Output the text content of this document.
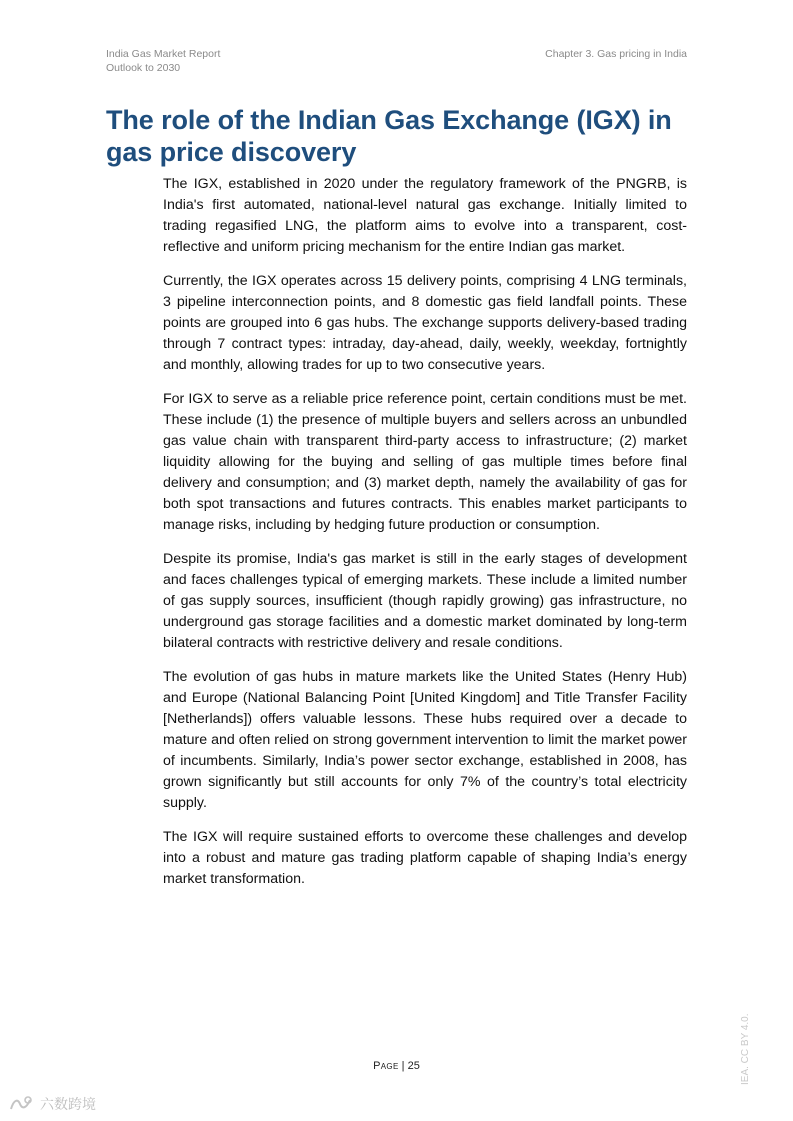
India Gas Market Report
Outlook to 2030
Chapter 3. Gas pricing in India
The role of the Indian Gas Exchange (IGX) in gas price discovery

The IGX, established in 2020 under the regulatory framework of the PNGRB, is India's first automated, national-level natural gas exchange. Initially limited to trading regasified LNG, the platform aims to evolve into a transparent, cost-reflective and uniform pricing mechanism for the entire Indian gas market.

Currently, the IGX operates across 15 delivery points, comprising 4 LNG terminals, 3 pipeline interconnection points, and 8 domestic gas field landfall points. These points are grouped into 6 gas hubs. The exchange supports delivery-based trading through 7 contract types: intraday, day-ahead, daily, weekly, weekday, fortnightly and monthly, allowing trades for up to two consecutive years.

For IGX to serve as a reliable price reference point, certain conditions must be met. These include (1) the presence of multiple buyers and sellers across an unbundled gas value chain with transparent third-party access to infrastructure; (2) market liquidity allowing for the buying and selling of gas multiple times before final delivery and consumption; and (3) market depth, namely the availability of gas for both spot transactions and futures contracts. This enables market participants to manage risks, including by hedging future production or consumption.

Despite its promise, India's gas market is still in the early stages of development and faces challenges typical of emerging markets. These include a limited number of gas supply sources, insufficient (though rapidly growing) gas infrastructure, no underground gas storage facilities and a domestic market dominated by long-term bilateral contracts with restrictive delivery and resale conditions.

The evolution of gas hubs in mature markets like the United States (Henry Hub) and Europe (National Balancing Point [United Kingdom] and Title Transfer Facility [Netherlands]) offers valuable lessons. These hubs required over a decade to mature and often relied on strong government intervention to limit the market power of incumbents. Similarly, India’s power sector exchange, established in 2008, has grown significantly but still accounts for only 7% of the country’s total electricity supply.

The IGX will require sustained efforts to overcome these challenges and develop into a robust and mature gas trading platform capable of shaping India’s energy market transformation.

Page | 25	IEA. CC BY 4.0.
六数跨境
